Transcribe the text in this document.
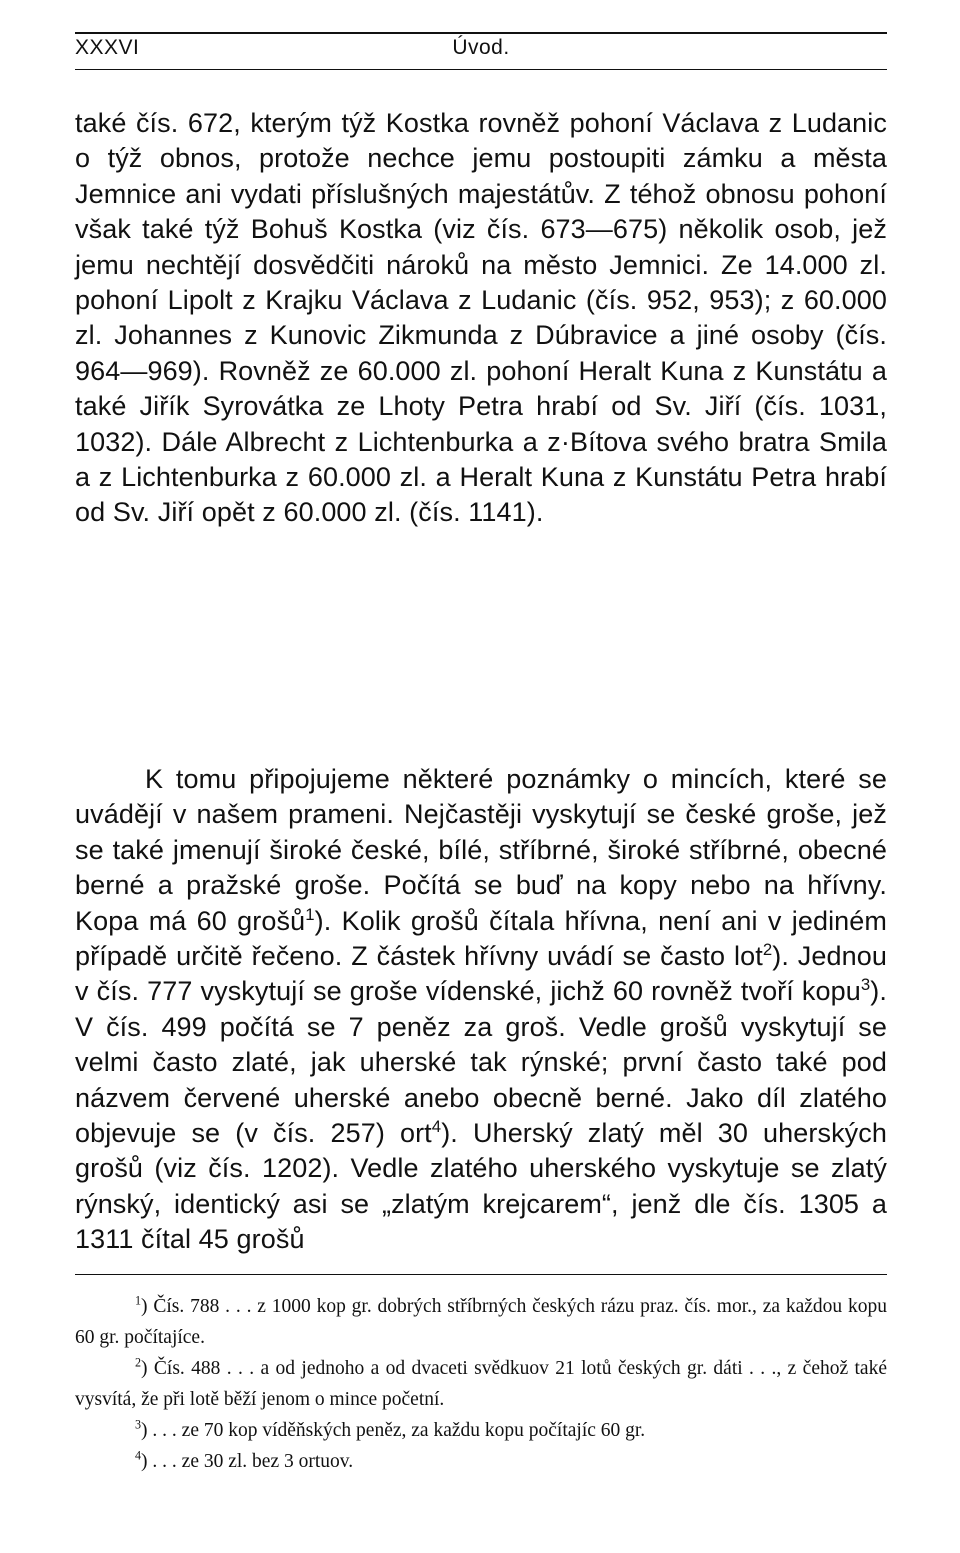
XXXVI	Úvod.

také čís. 672, kterým týž Kostka rovněž pohoní Václava z Ludanic o týž obnos, protože nechce jemu postoupiti zámku a města Jemnice ani vydati příslušných majestátův. Z téhož obnosu pohoní však také týž Bohuš Kostka (viz čís. 673—675) několik osob, jež jemu nechtějí dosvědčiti nároků na město Jemnici. Ze 14.000 zl. pohoní Lipolt z Krajku Václava z Ludanic (čís. 952, 953); z 60.000 zl. Johannes z Kunovic Zikmunda z Dúbravice a jiné osoby (čís. 964—969). Rovněž ze 60.000 zl. pohoní Heralt Kuna z Kunstátu a také Jiřík Syrovátka ze Lhoty Petra hrabí od Sv. Jiří (čís. 1031, 1032). Dále Albrecht z Lichtenburka a z·Bítova svého bratra Smila a z Lichtenburka z 60.000 zl. a Heralt Kuna z Kunstátu Petra hrabí od Sv. Jiří opět z 60.000 zl. (čís. 1141).

K tomu připojujeme některé poznámky o mincích, které se uvádějí v našem prameni. Nejčastěji vyskytují se české groše, jež se také jmenují široké české, bílé, stříbrné, široké stříbrné, obecné berné a pražské groše. Počítá se buď na kopy nebo na hřívny. Kopa má 60 grošů$^1$). Kolik grošů čítala hřívna, není ani v jediném případě určitě řečeno. Z částek hřívny uvádí se často lot$^2$). Jednou v čís. 777 vyskytují se groše vídenské, jichž 60 rovněž tvoří kopu$^3$). V čís. 499 počítá se 7 peněz za groš. Vedle grošů vyskytují se velmi často zlaté, jak uherské tak rýnské; první často také pod názvem červené uherské anebo obecně berné. Jako díl zlatého objevuje se (v čís. 257) ort$^4$). Uherský zlatý měl 30 uherských grošů (viz čís. 1202). Vedle zlatého uherského vyskytuje se zlatý rýnský, identický asi se „zlatým krejcarem“, jenž dle čís. 1305 a 1311 čítal 45 grošů

$^1$) Čís. 788 . . . z 1000 kop gr. dobrých stříbrných českých rázu praz. čís. mor., za každou kopu 60 gr. počítajíce.

$^2$) Čís. 488 . . . a od jednoho a od dvaceti svědkuov 21 lotů českých gr. dáti . . ., z čehož také vysvítá, že při lotě běží jenom o mince početní.

$^3$) . . . ze 70 kop víděňských peněz, za každu kopu počítajíc 60 gr.

$^4$) . . . ze 30 zl. bez 3 ortuov.
